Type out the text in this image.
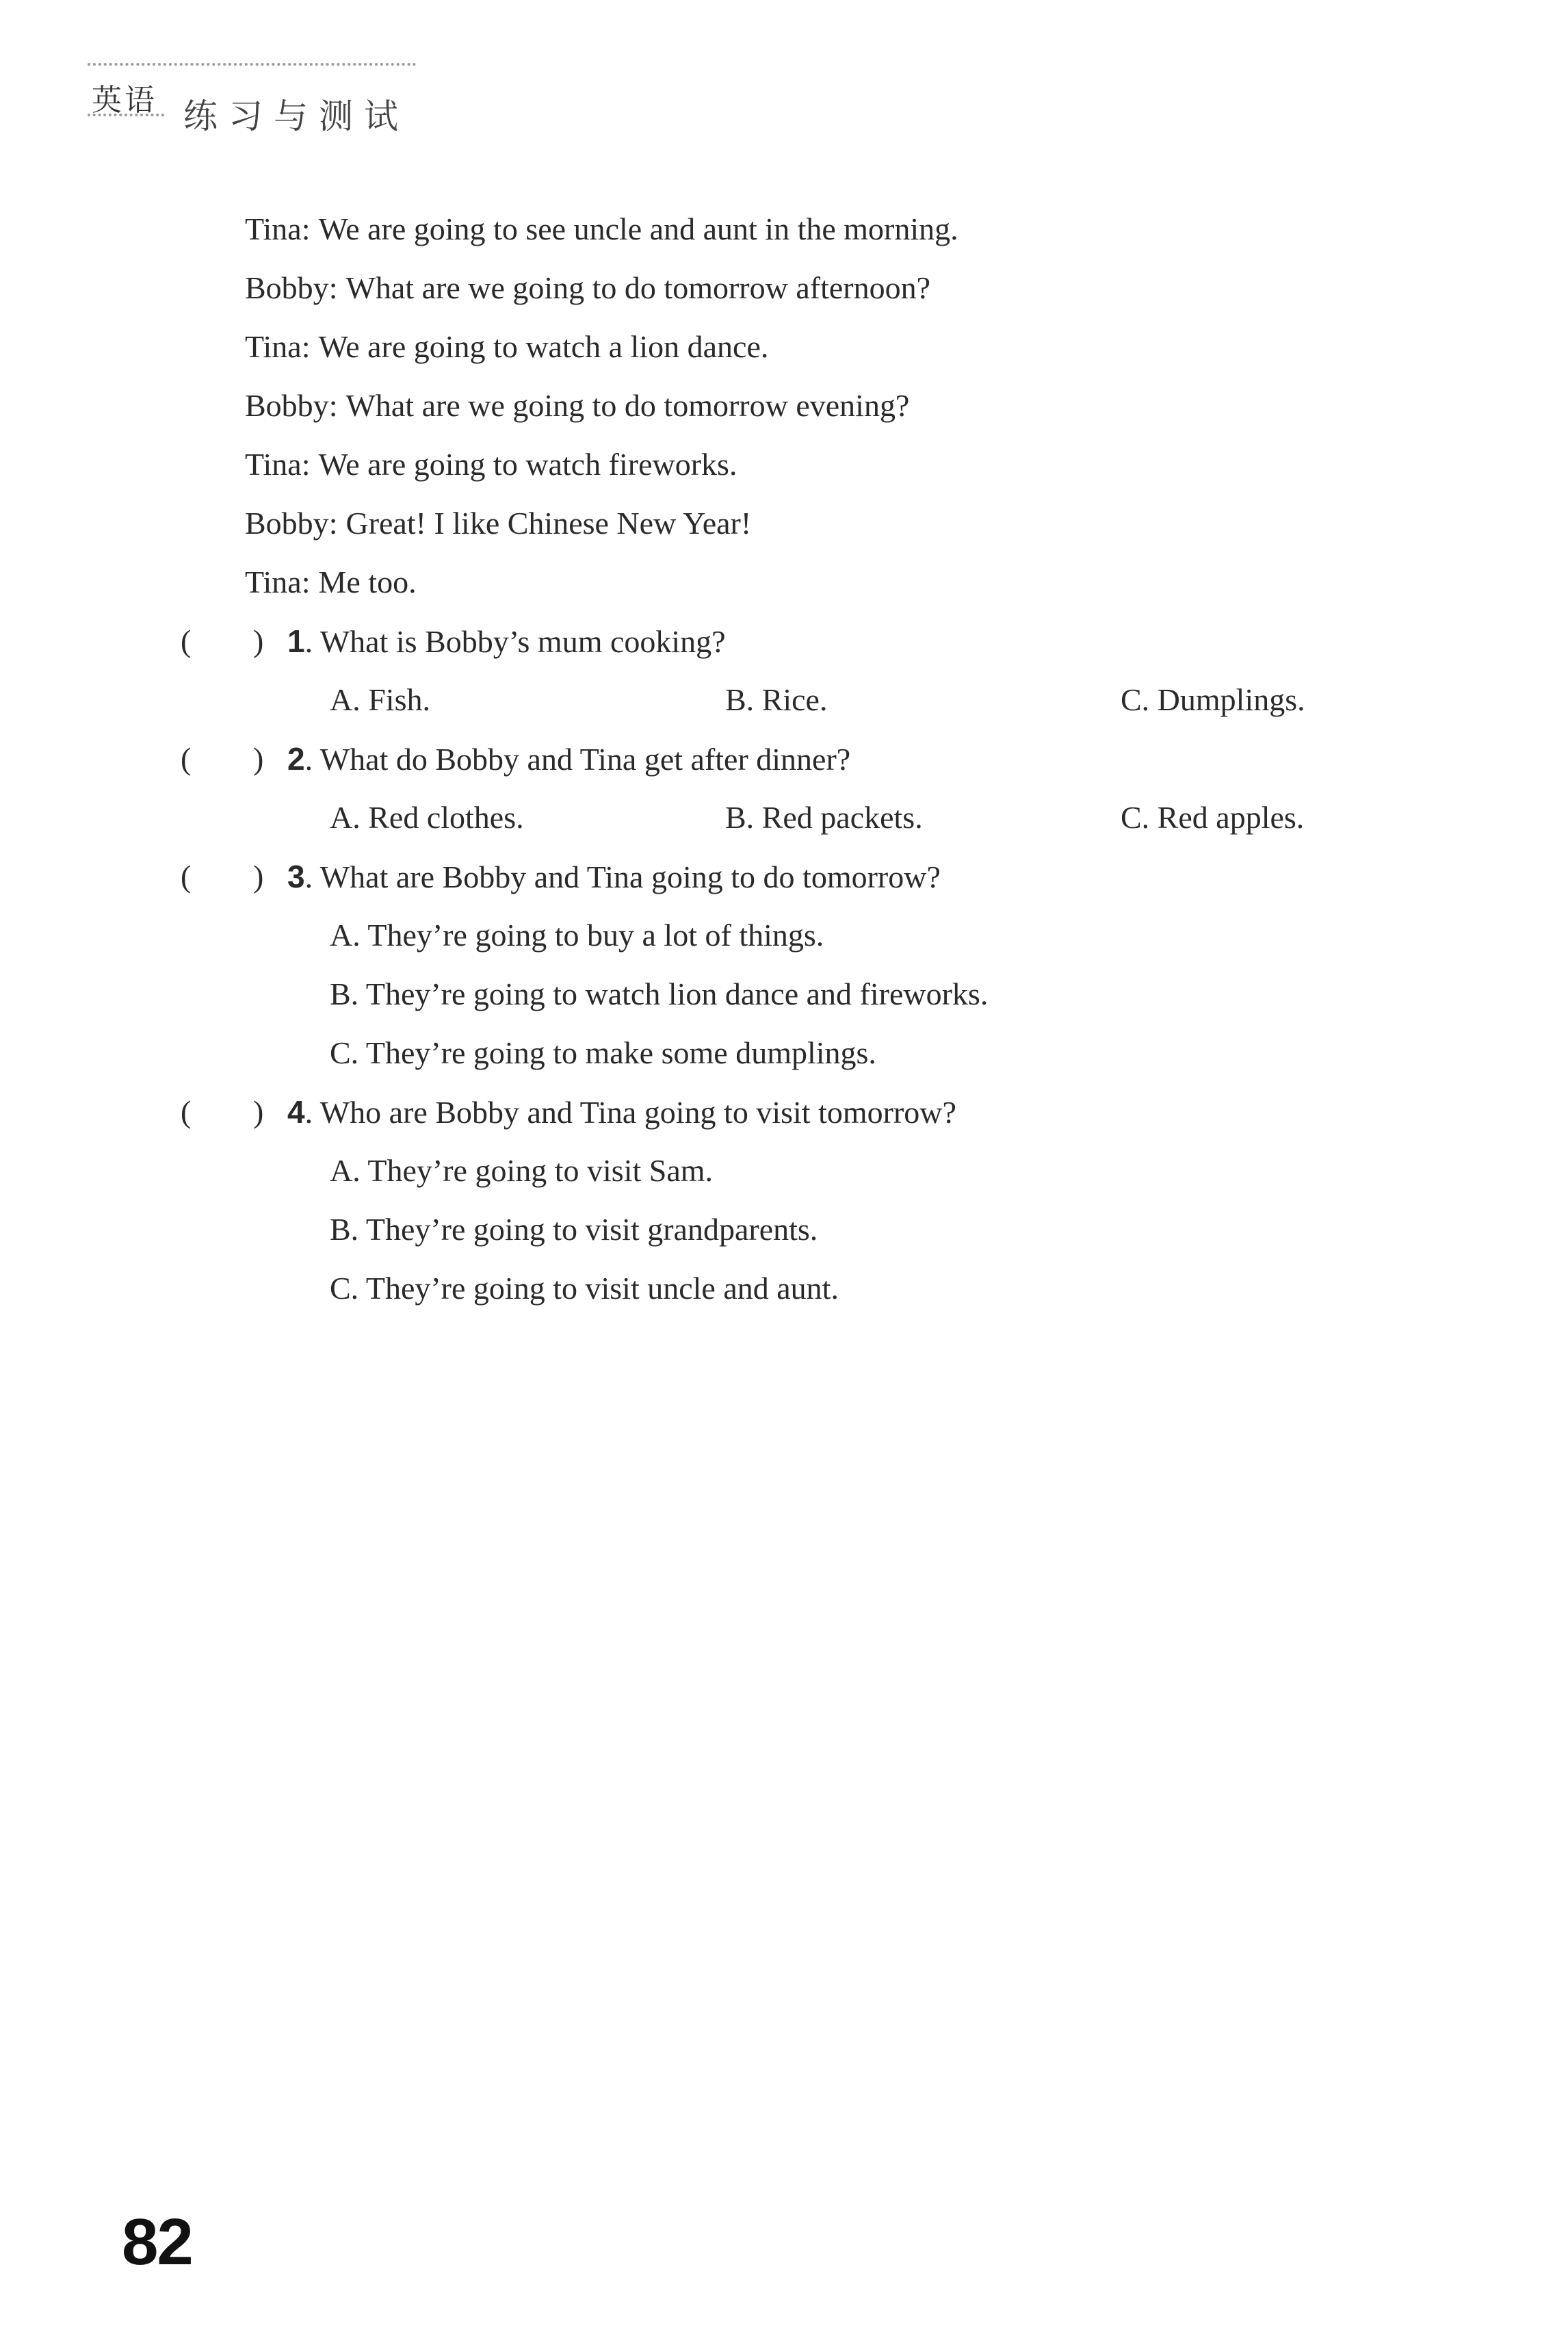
英语 练习与测试
Tina: We are going to see uncle and aunt in the morning.
Bobby: What are we going to do tomorrow afternoon?
Tina: We are going to watch a lion dance.
Bobby: What are we going to do tomorrow evening?
Tina: We are going to watch fireworks.
Bobby: Great! I like Chinese New Year!
Tina: Me too.
( ) 1. What is Bobby’s mum cooking?
A. Fish.	B. Rice.	C. Dumplings.
( ) 2. What do Bobby and Tina get after dinner?
A. Red clothes.	B. Red packets.	C. Red apples.
( ) 3. What are Bobby and Tina going to do tomorrow?
A. They’re going to buy a lot of things.
B. They’re going to watch lion dance and fireworks.
C. They’re going to make some dumplings.
( ) 4. Who are Bobby and Tina going to visit tomorrow?
A. They’re going to visit Sam.
B. They’re going to visit grandparents.
C. They’re going to visit uncle and aunt.
82
